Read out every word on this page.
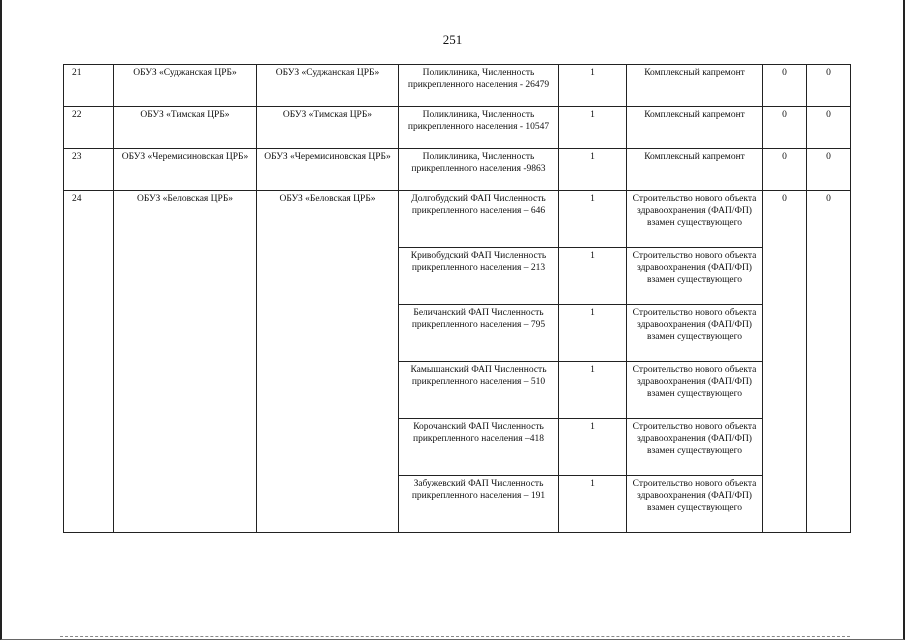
251
21	ОБУЗ «Суджанская ЦРБ»	ОБУЗ «Суджанская ЦРБ»	Поликлиника, Численность прикрепленного населения - 26479	1	Комплексный капремонт	0	0
22	ОБУЗ «Тимская ЦРБ»	ОБУЗ «Тимская ЦРБ»	Поликлиника, Численность прикрепленного населения - 10547	1	Комплексный капремонт	0	0
23	ОБУЗ «Черемисиновская ЦРБ»	ОБУЗ «Черемисиновская ЦРБ»	Поликлиника, Численность прикрепленного населения -9863	1	Комплексный капремонт	0	0
24	ОБУЗ «Беловская ЦРБ»	ОБУЗ «Беловская ЦРБ»	Долгобудский ФАП Численность прикрепленного населения – 646	1	Строительство нового объекта здравоохранения (ФАП/ФП) взамен существующего	0	0
			Кривобудский ФАП Численность прикрепленного населения – 213	1	Строительство нового объекта здравоохранения (ФАП/ФП) взамен существующего		
			Беличанский ФАП Численность прикрепленного населения – 795	1	Строительство нового объекта здравоохранения (ФАП/ФП) взамен существующего		
			Камышанский ФАП Численность прикрепленного населения – 510	1	Строительство нового объекта здравоохранения (ФАП/ФП) взамен существующего		
			Корочанский ФАП Численность прикрепленного населения –418	1	Строительство нового объекта здравоохранения (ФАП/ФП) взамен существующего		
			Забужевский ФАП Численность прикрепленного населения – 191	1	Строительство нового объекта здравоохранения (ФАП/ФП) взамен существующего		
